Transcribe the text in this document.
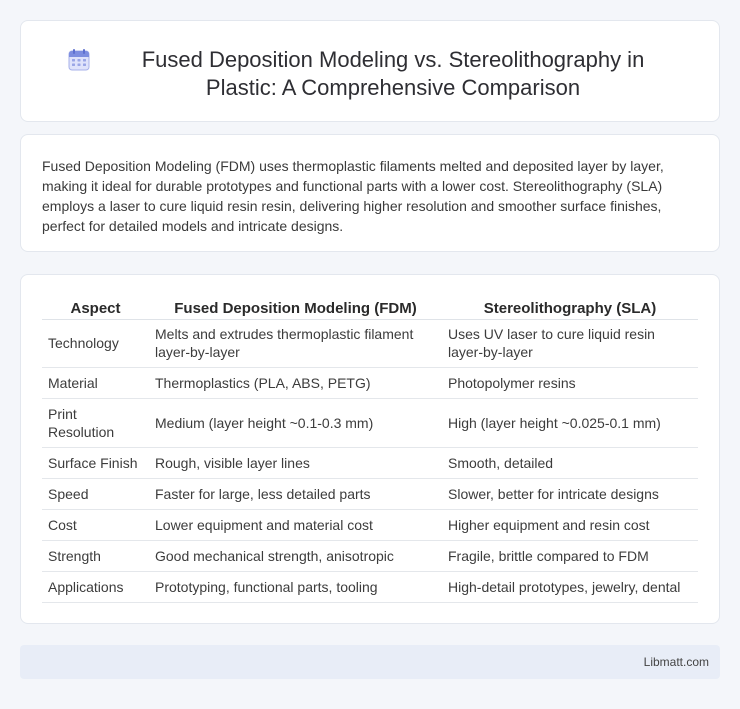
Fused Deposition Modeling vs. Stereolithography in Plastic: A Comprehensive Comparison

Fused Deposition Modeling (FDM) uses thermoplastic filaments melted and deposited layer by layer, making it ideal for durable prototypes and functional parts with a lower cost. Stereolithography (SLA) employs a laser to cure liquid resin resin, delivering higher resolution and smoother surface finishes, perfect for detailed models and intricate designs.

Aspect	Fused Deposition Modeling (FDM)	Stereolithography (SLA)
Technology	Melts and extrudes thermoplastic filament layer-by-layer	Uses UV laser to cure liquid resin layer-by-layer
Material	Thermoplastics (PLA, ABS, PETG)	Photopolymer resins
Print Resolution	Medium (layer height ~0.1-0.3 mm)	High (layer height ~0.025-0.1 mm)
Surface Finish	Rough, visible layer lines	Smooth, detailed
Speed	Faster for large, less detailed parts	Slower, better for intricate designs
Cost	Lower equipment and material cost	Higher equipment and resin cost
Strength	Good mechanical strength, anisotropic	Fragile, brittle compared to FDM
Applications	Prototyping, functional parts, tooling	High-detail prototypes, jewelry, dental
Libmatt.com
